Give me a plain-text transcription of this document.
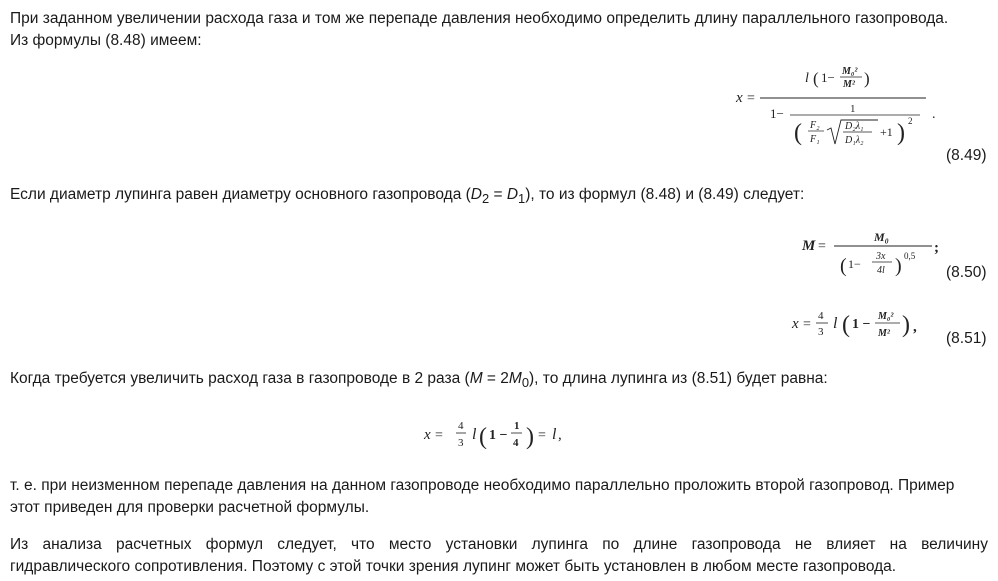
При заданном увеличении расхода газа и том же перепаде давления необходимо определить длину параллельного газопровода.
Из формулы (8.48) имеем:
x =
l ( 1− M₀²
M² )
1−	1
( F₂
F₁
D₂λ₁
D₁λ₂
+1 ) 2 .
(8.49)
Если диаметр лупинга равен диаметру основного газопровода $(D_2 = D_1)$, то из формул (8.48) и (8.49) следует:
M =
M₀
( 1−
3x
4l ) 0,5 ;
(8.50)
x =
4
3 l ( 1 −
M₀²
M² ) ,
(8.51)
Когда требуется увеличить расход газа в газопроводе в 2 раза $(M = 2M_0)$, то длина лупинга из (8.51) будет равна:
x =
4
3 l ( 1 −
1
4 ) = l ,
т. е. при неизменном перепаде давления на данном газопроводе необходимо параллельно проложить второй газопровод. Пример
этот приведен для проверки расчетной формулы.
Из анализа расчетных формул следует, что место установки лупинга по длине газопровода не влияет на величину
гидравлического сопротивления. Поэтому с этой точки зрения лупинг может быть установлен в любом месте газопровода.
